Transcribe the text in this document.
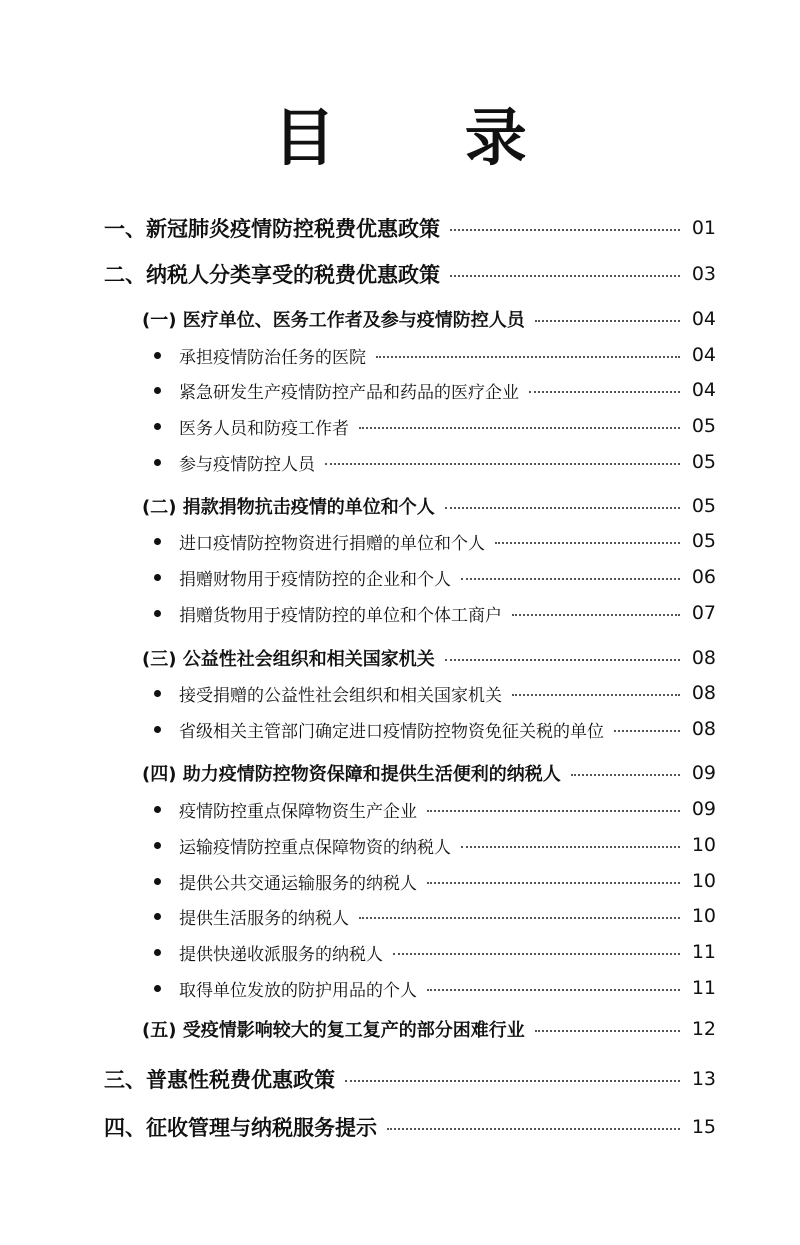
目 录
一、新冠肺炎疫情防控税费优惠政策	01
二、纳税人分类享受的税费优惠政策	03
(一) 医疗单位、医务工作者及参与疫情防控人员	04
承担疫情防治任务的医院	04
紧急研发生产疫情防控产品和药品的医疗企业	04
医务人员和防疫工作者	05
参与疫情防控人员	05
(二) 捐款捐物抗击疫情的单位和个人	05
进口疫情防控物资进行捐赠的单位和个人	05
捐赠财物用于疫情防控的企业和个人	06
捐赠货物用于疫情防控的单位和个体工商户	07
(三) 公益性社会组织和相关国家机关	08
接受捐赠的公益性社会组织和相关国家机关	08
省级相关主管部门确定进口疫情防控物资免征关税的单位	08
(四) 助力疫情防控物资保障和提供生活便利的纳税人	09
疫情防控重点保障物资生产企业	09
运输疫情防控重点保障物资的纳税人	10
提供公共交通运输服务的纳税人	10
提供生活服务的纳税人	10
提供快递收派服务的纳税人	11
取得单位发放的防护用品的个人	11
(五) 受疫情影响较大的复工复产的部分困难行业	12
三、普惠性税费优惠政策	13
四、征收管理与纳税服务提示	15
